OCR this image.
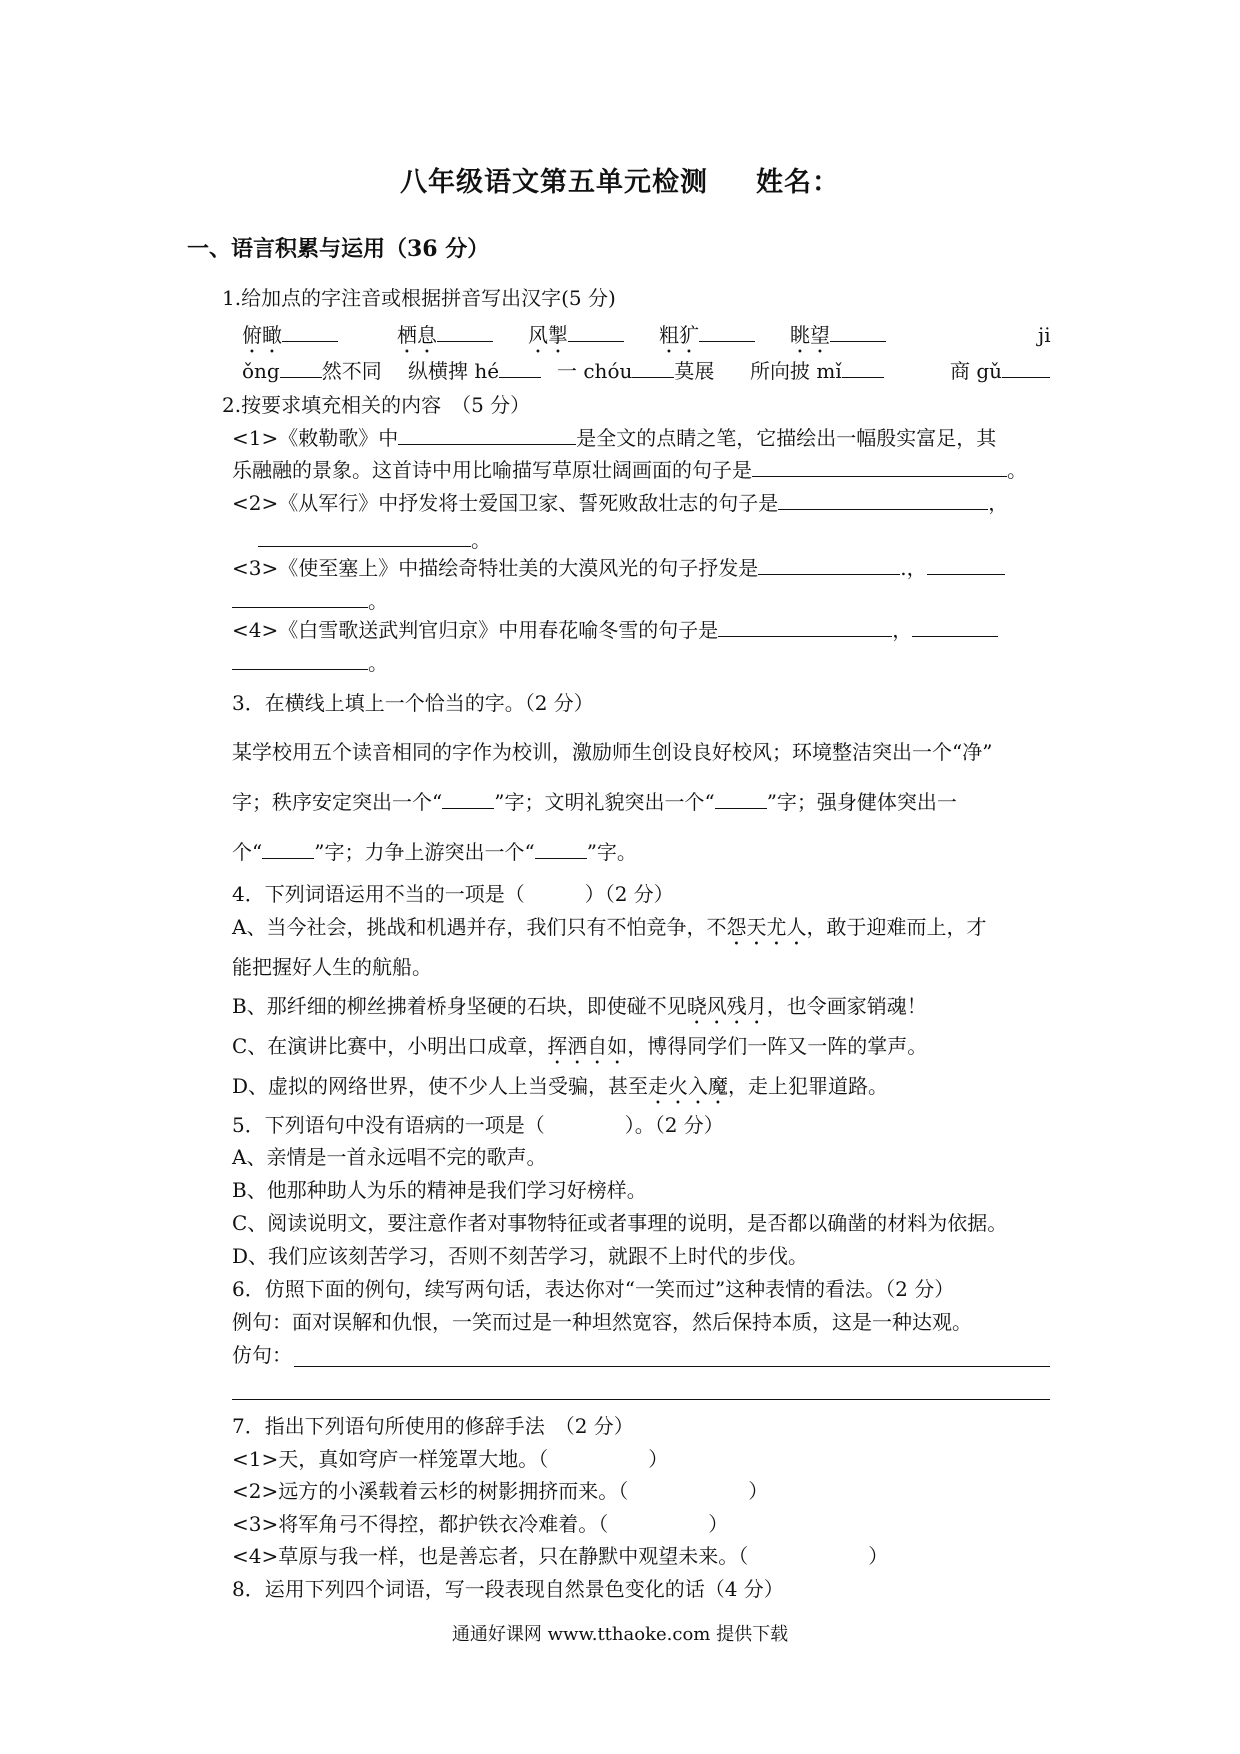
八年级语文第五单元检测 姓名：
一、语言积累与运用（36 分）
1.给加点的字注音或根据拼音写出汉字(5 分)
俯瞰	栖息	风掣	粗犷	眺望	ji
ǒng 然不同 纵横捭 hé	一 chóu 莫展 所向披 mǐ	商 gǔ
2.按要求填充相关的内容　（5 分）
<1>《敕勒歌》中	是全文的点睛之笔，它描绘出一幅殷实富足，其
乐融融的景象。这首诗中用比喻描写草原壮阔画面的句子是	。
<2>《从军行》中抒发将士爱国卫家、誓死败敌壮志的句子是	，
。
<3>《使至塞上》中描绘奇特壮美的大漠风光的句子抒发是	.，
。
<4>《白雪歌送武判官归京》中用春花喻冬雪的句子是	，
。
3．在横线上填上一个恰当的字。（2 分）
某学校用五个读音相同的字作为校训，激励师生创设良好校风；环境整洁突出一个“净”
字；秩序安定突出一个“	”字；文明礼貌突出一个“	”字；强身健体突出一
个“	”字；力争上游突出一个“	”字。
4．下列词语运用不当的一项是（　　　）（2 分）
A、当今社会，挑战和机遇并存，我们只有不怕竞争，不怨天尤人，敢于迎难而上，才
能把握好人生的航船。
B、那纤细的柳丝拂着桥身坚硬的石块，即使碰不见晓风残月，也令画家销魂！
C、在演讲比赛中，小明出口成章，挥洒自如，博得同学们一阵又一阵的掌声。
D、虚拟的网络世界，使不少人上当受骗，甚至走火入魔，走上犯罪道路。
5．下列语句中没有语病的一项是（　　　　）。（2 分）
A、亲情是一首永远唱不完的歌声。
B、他那种助人为乐的精神是我们学习好榜样。
C、阅读说明文，要注意作者对事物特征或者事理的说明，是否都以确凿的材料为依据。
D、我们应该刻苦学习，否则不刻苦学习，就跟不上时代的步伐。
6．仿照下面的例句，续写两句话，表达你对“一笑而过”这种表情的看法。（2 分）
例句：面对误解和仇恨，一笑而过是一种坦然宽容，然后保持本质，这是一种达观。
仿句：
7．指出下列语句所使用的修辞手法　（2 分）
<1>天，真如穹庐一样笼罩大地。（　　　　　）
<2>远方的小溪载着云杉的树影拥挤而来。（　　　　　　）
<3>将军角弓不得控，都护铁衣冷难着。（　　　　　）
<4>草原与我一样，也是善忘者，只在静默中观望未来。（　　　　　　）
8．运用下列四个词语，写一段表现自然景色变化的话（4 分）
通通好课网 www.tthaoke.com 提供下载
